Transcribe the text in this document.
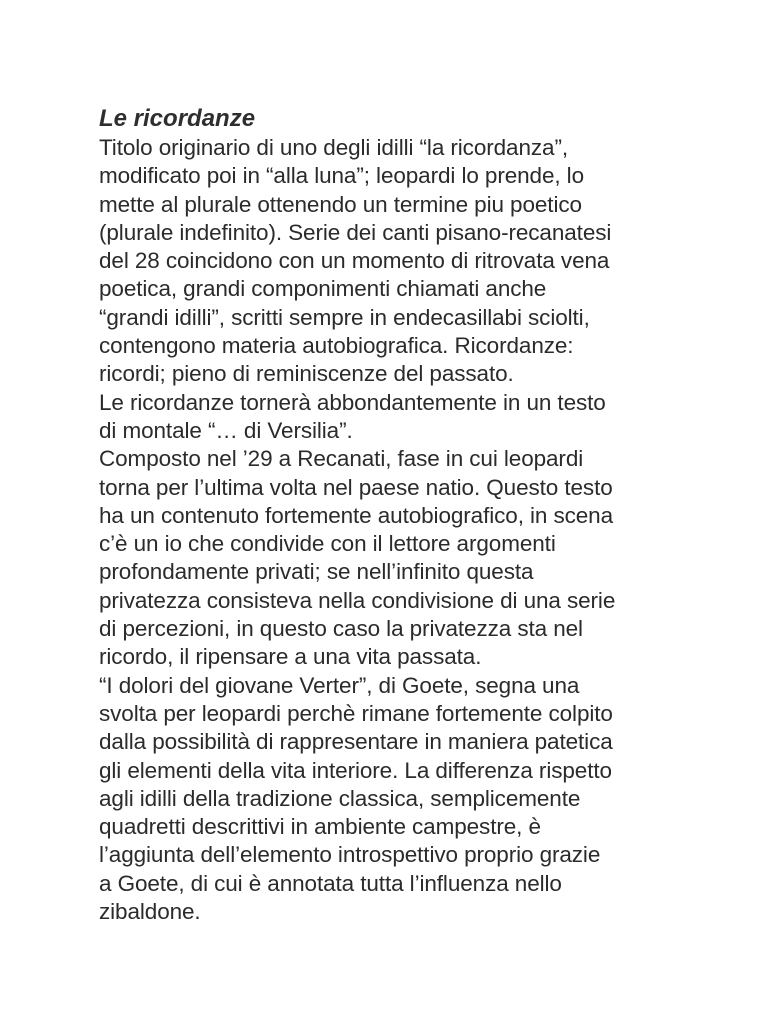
Le ricordanze
Titolo originario di uno degli idilli “la ricordanza”,
modificato poi in “alla luna”; leopardi lo prende, lo
mette al plurale ottenendo un termine piu poetico
(plurale indefinito). Serie dei canti pisano-recanatesi
del 28 coincidono con un momento di ritrovata vena
poetica, grandi componimenti chiamati anche
“grandi idilli”, scritti sempre in endecasillabi sciolti,
contengono materia autobiografica. Ricordanze:
ricordi; pieno di reminiscenze del passato.
Le ricordanze tornerà abbondantemente in un testo
di montale “… di Versilia”.
Composto nel ’29 a Recanati, fase in cui leopardi
torna per l’ultima volta nel paese natio. Questo testo
ha un contenuto fortemente autobiografico, in scena
c’è un io che condivide con il lettore argomenti
profondamente privati; se nell’infinito questa
privatezza consisteva nella condivisione di una serie
di percezioni, in questo caso la privatezza sta nel
ricordo, il ripensare a una vita passata.
“I dolori del giovane Verter”, di Goete, segna una
svolta per leopardi perchè rimane fortemente colpito
dalla possibilità di rappresentare in maniera patetica
gli elementi della vita interiore. La differenza rispetto
agli idilli della tradizione classica, semplicemente
quadretti descrittivi in ambiente campestre, è
l’aggiunta dell’elemento introspettivo proprio grazie
a Goete, di cui è annotata tutta l’influenza nello
zibaldone.
